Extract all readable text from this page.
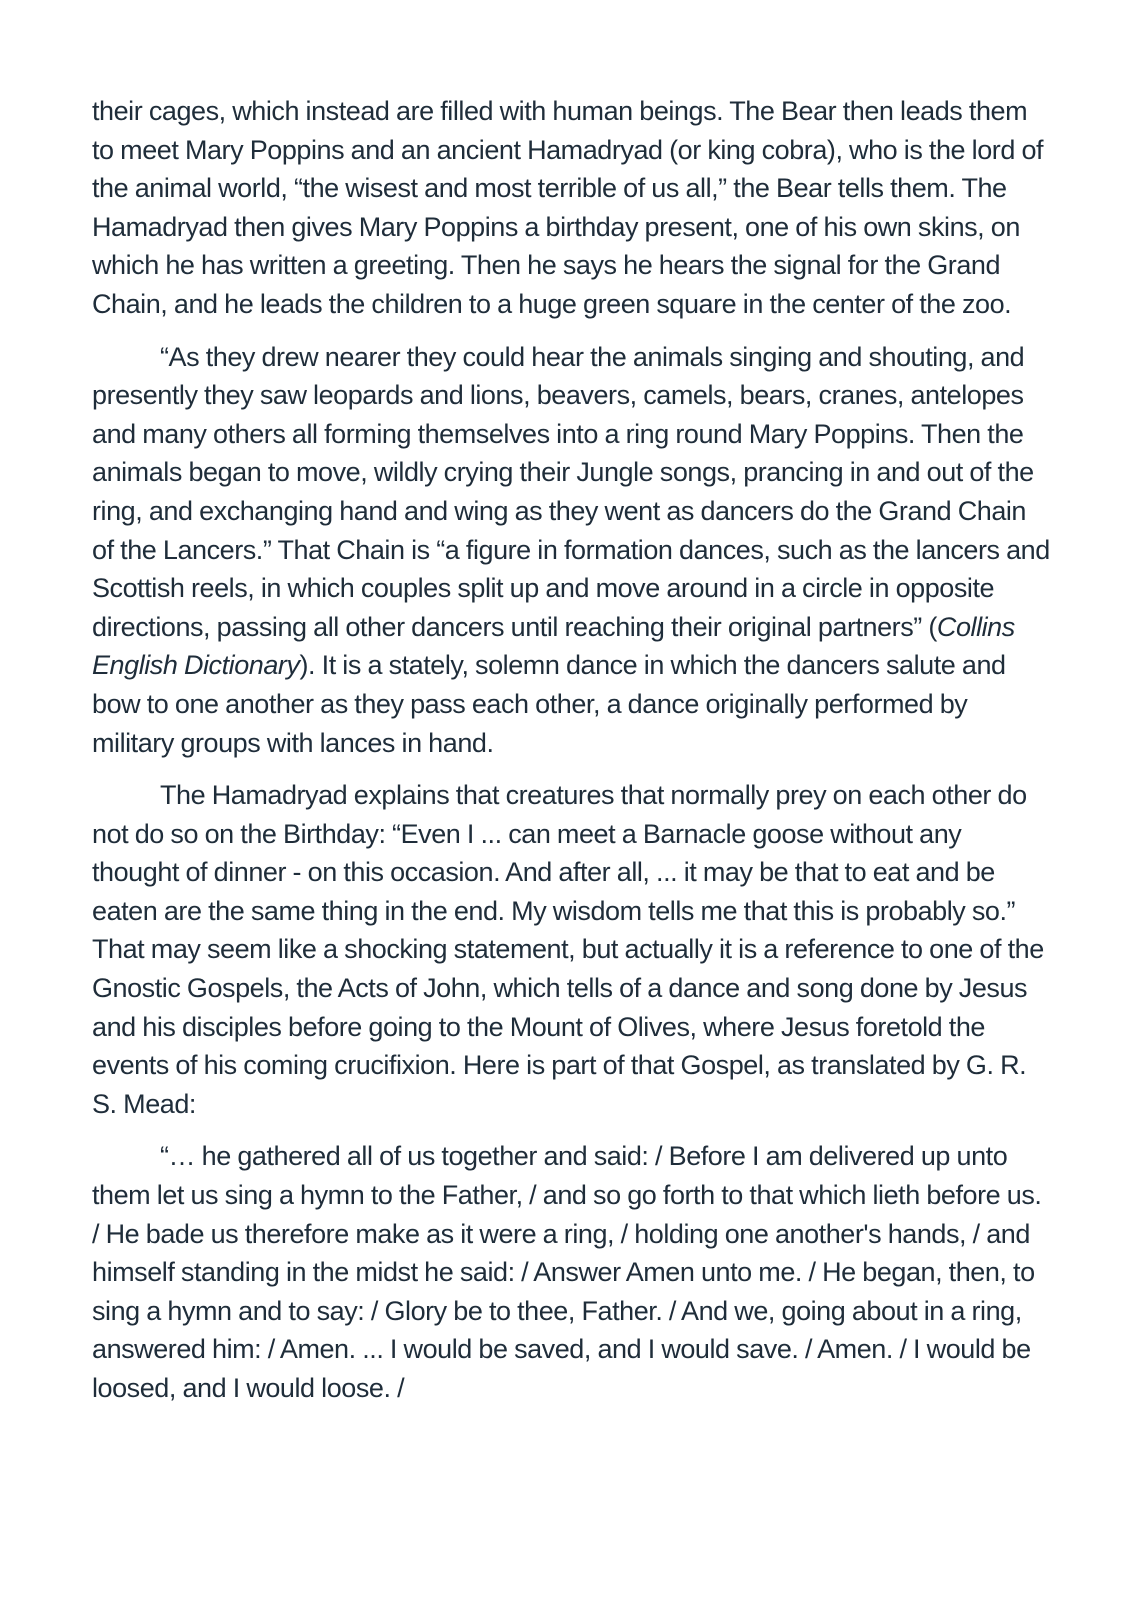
their cages, which instead are filled with human beings. The Bear then leads them to meet Mary Poppins and an ancient Hamadryad (or king cobra), who is the lord of the animal world, “the wisest and most terrible of us all,” the Bear tells them. The Hamadryad then gives Mary Poppins a birthday present, one of his own skins, on which he has written a greeting. Then he says he hears the signal for the Grand Chain, and he leads the children to a huge green square in the center of the zoo.

“As they drew nearer they could hear the animals singing and shouting, and presently they saw leopards and lions, beavers, camels, bears, cranes, antelopes and many others all forming themselves into a ring round Mary Poppins. Then the animals began to move, wildly crying their Jungle songs, prancing in and out of the ring, and exchanging hand and wing as they went as dancers do the Grand Chain of the Lancers.” That Chain is “a figure in formation dances, such as the lancers and Scottish reels, in which couples split up and move around in a circle in opposite directions, passing all other dancers until reaching their original partners” (Collins English Dictionary). It is a stately, solemn dance in which the dancers salute and bow to one another as they pass each other, a dance originally performed by military groups with lances in hand.

The Hamadryad explains that creatures that normally prey on each other do not do so on the Birthday: “Even I ... can meet a Barnacle goose without any thought of dinner - on this occasion. And after all, ... it may be that to eat and be eaten are the same thing in the end. My wisdom tells me that this is probably so.” That may seem like a shocking statement, but actually it is a reference to one of the Gnostic Gospels, the Acts of John, which tells of a dance and song done by Jesus and his disciples before going to the Mount of Olives, where Jesus foretold the events of his coming crucifixion. Here is part of that Gospel, as translated by G. R. S. Mead:

“… he gathered all of us together and said: / Before I am delivered up unto them let us sing a hymn to the Father, / and so go forth to that which lieth before us. / He bade us therefore make as it were a ring, / holding one another's hands, / and himself standing in the midst he said: / Answer Amen unto me. / He began, then, to sing a hymn and to say: / Glory be to thee, Father. / And we, going about in a ring, answered him: / Amen. ... I would be saved, and I would save. / Amen. / I would be loosed, and I would loose. /
